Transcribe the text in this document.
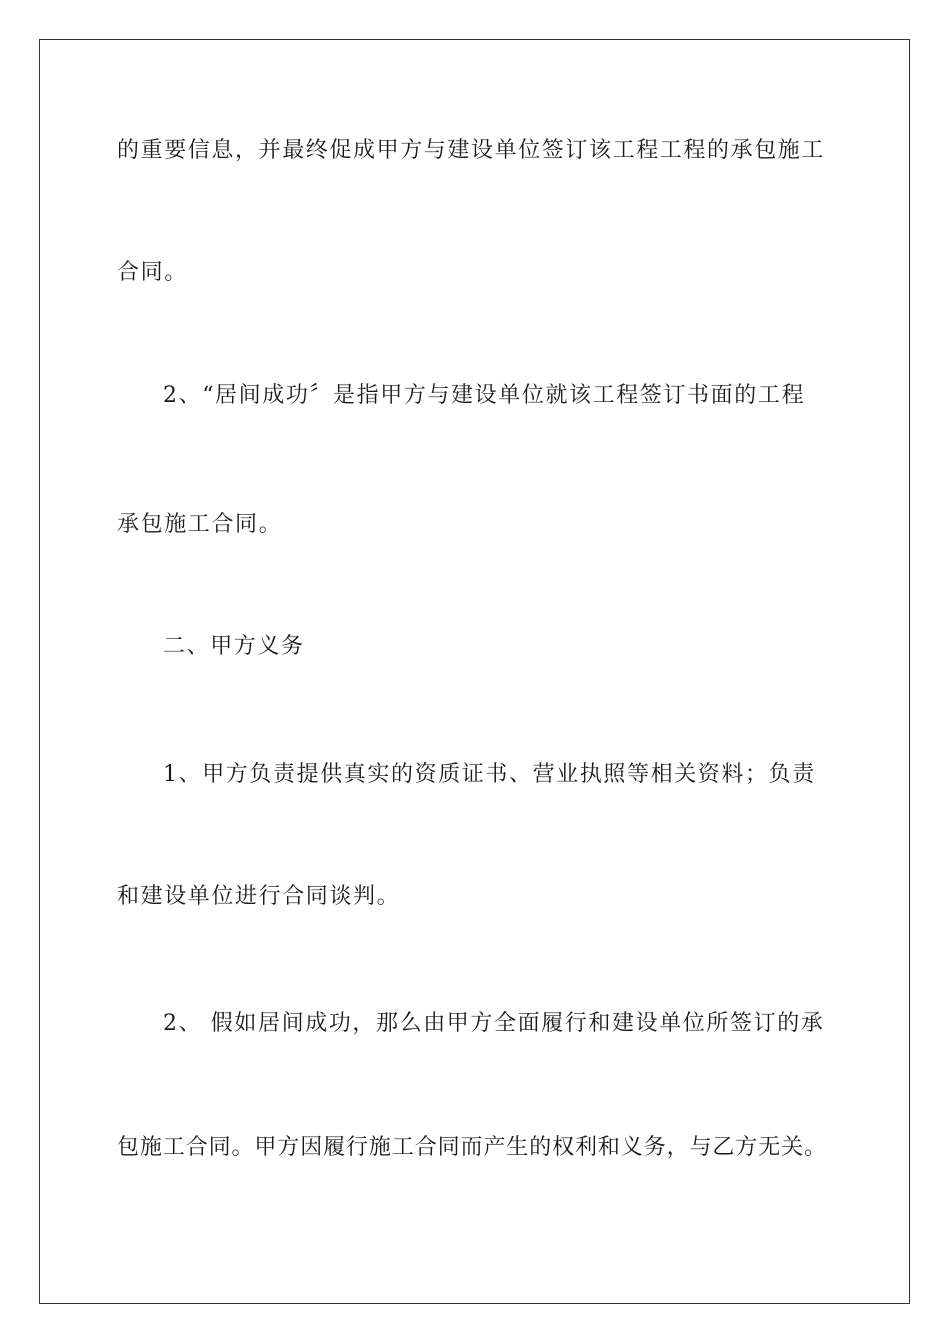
的重要信息，并最终促成甲方与建设单位签订该工程工程的承包施工
合同。
2、“居间成功〞是指甲方与建设单位就该工程签订书面的工程
承包施工合同。
二、甲方义务
1、甲方负责提供真实的资质证书、营业执照等相关资料；负责
和建设单位进行合同谈判。
2、 假如居间成功，那么由甲方全面履行和建设单位所签订的承
包施工合同。甲方因履行施工合同而产生的权利和义务，与乙方无关。
